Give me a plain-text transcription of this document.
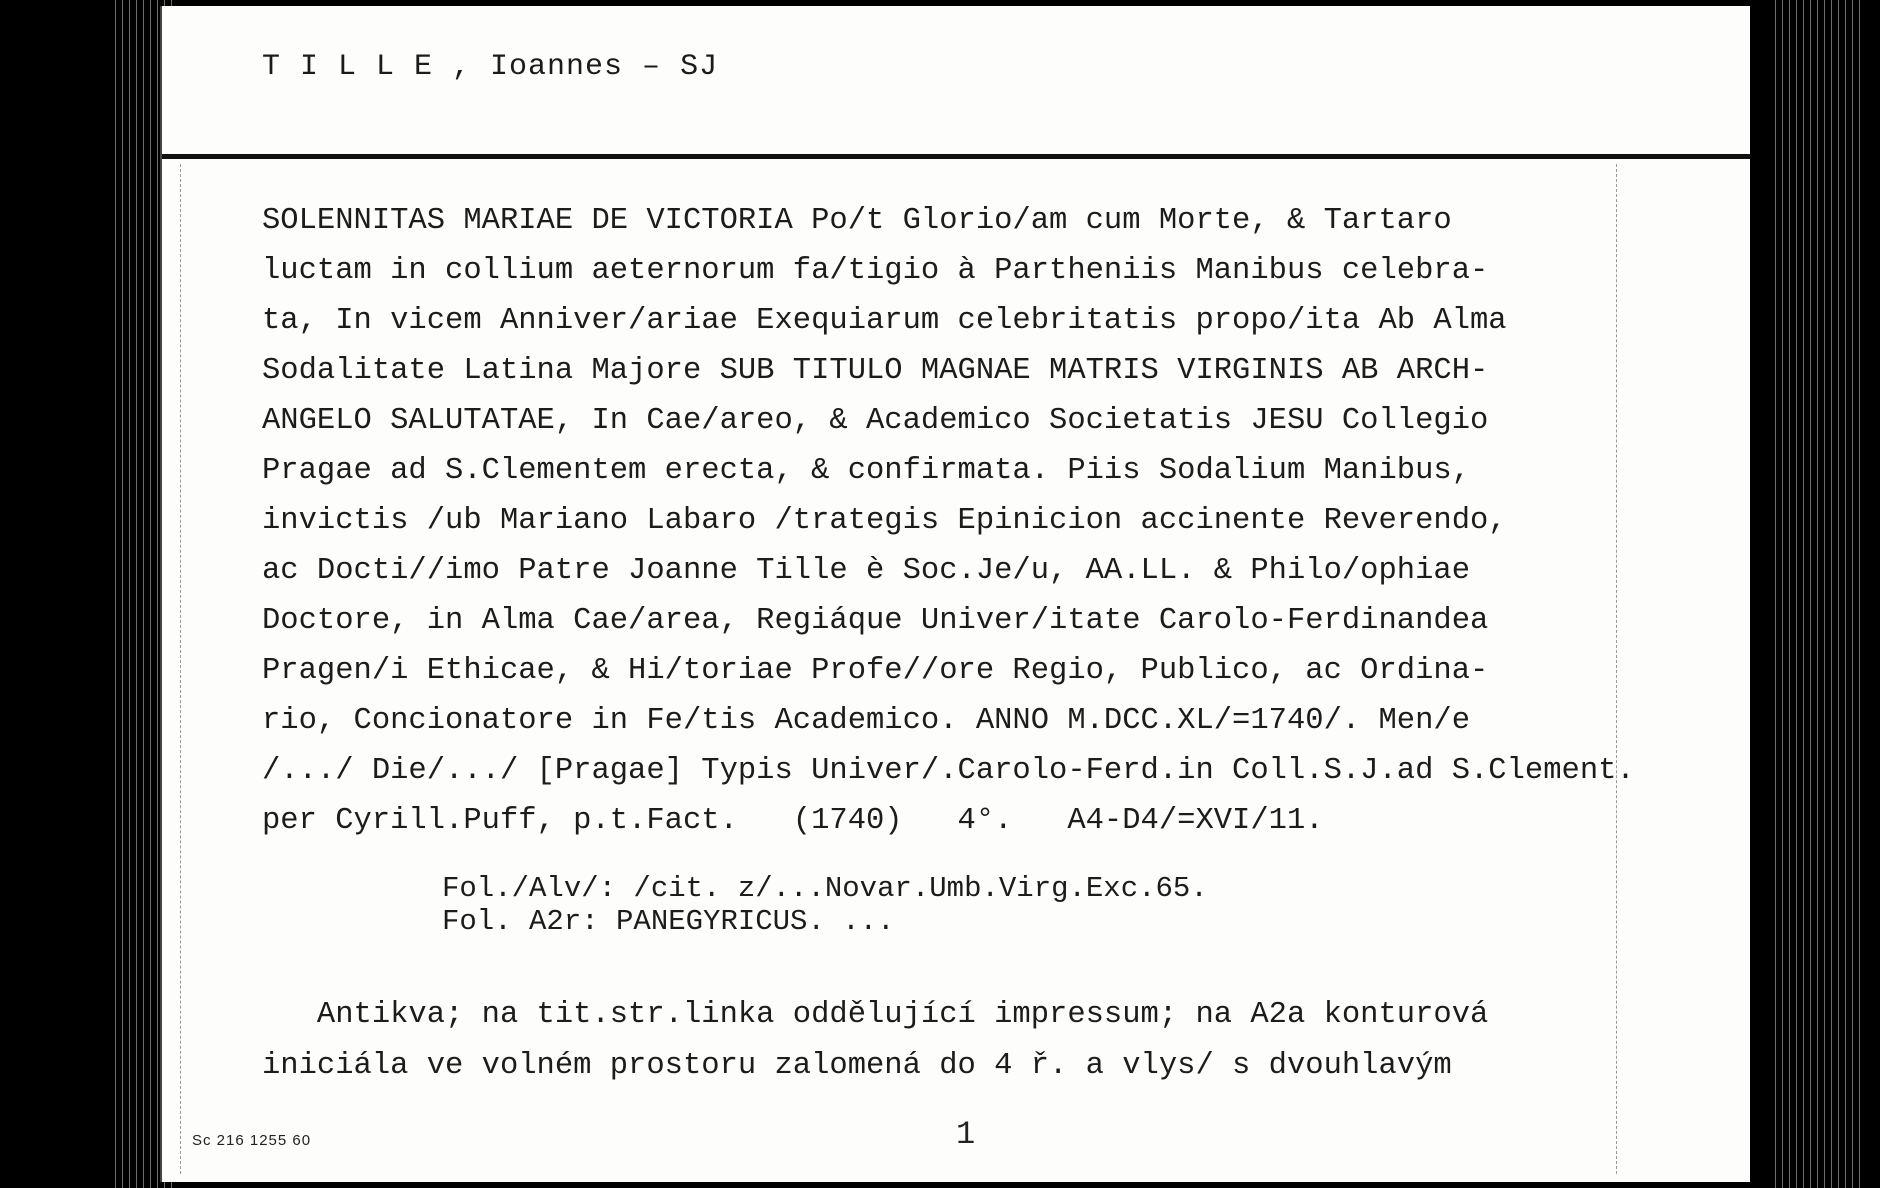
T I L L E , Ioannes – SJ
SOLENNITAS MARIAE DE VICTORIA Po/t Glorio/am cum Morte, & Tartaro
luctam in collium aeternorum fa/tigio à Partheniis Manibus celebra-
ta, In vicem Anniver/ariae Exequiarum celebritatis propo/ita Ab Alma
Sodalitate Latina Majore SUB TITULO MAGNAE MATRIS VIRGINIS AB ARCH-
ANGELO SALUTATAE, In Cae/areo, & Academico Societatis JESU Collegio
Pragae ad S.Clementem erecta, & confirmata. Piis Sodalium Manibus,
invictis /ub Mariano Labaro /trategis Epinicion accinente Reverendo,
ac Docti//imo Patre Joanne Tille è Soc.Je/u, AA.LL. & Philo/ophiae
Doctore, in Alma Cae/area, Regiáque Univer/itate Carolo-Ferdinandea
Pragen/i Ethicae, & Hi/toriae Profe//ore Regio, Publico, ac Ordina-
rio, Concionatore in Fe/tis Academico. ANNO M.DCC.XL/=1740/. Men/e
/.../ Die/.../ [Pragae] Typis Univer/.Carolo-Ferd.in Coll.S.J.ad S.Clement.
per Cyrill.Puff, p.t.Fact.   (1740)   4°.   A4-D4/=XVI/11.
Fol./Alv/: /cit. z/...Novar.Umb.Virg.Exc.65.
Fol. A2r: PANEGYRICUS. ...
Antikva; na tit.str.linka oddělující impressum; na A2a konturová
iniciála ve volném prostoru zalomená do 4 ř. a vlys/ s dvouhlavým
Sc 216 1255 60	1
